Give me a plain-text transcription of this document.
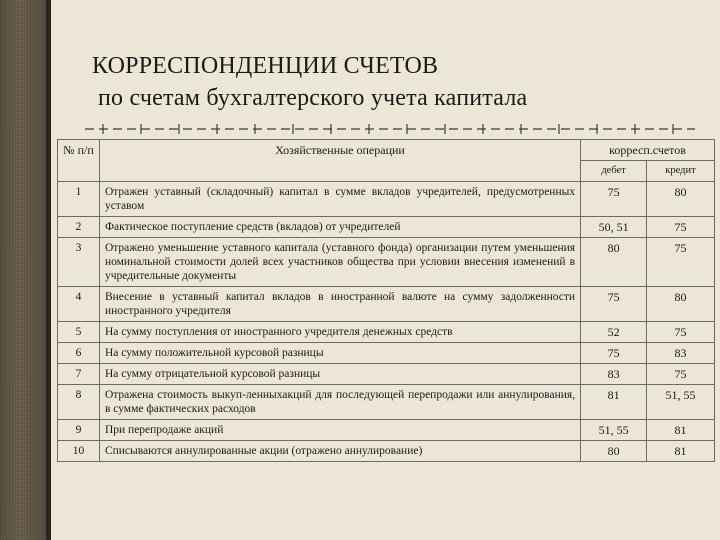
КОРРЕСПОНДЕНЦИИ СЧЕТОВ
по счетам бухгалтерского учета капитала
№ п/п	Хозяйственные операции	корресп.счетов	
		дебет	кредит
1	Отражен уставный (складочный) капитал в сумме вкладов учредителей, предусмотренных уставом	75	80
2	Фактическое поступление средств (вкладов) от учредителей	50, 51	75
3	Отражено уменьшение уставного капитала (уставного фонда) организации путем уменьшения номинальной стоимости долей всех участников общества при условии внесения изменений в учредительные документы	80	75
4	Внесение в уставный капитал вкладов в иностранной валюте на сумму задолженности иностранного учредителя	75	80
5	На сумму поступления от иностранного учредителя денежных средств	52	75
6	На сумму положительной курсовой разницы	75	83
7	На сумму отрицательной курсовой разницы	83	75
8	Отражена стоимость выкуп-ленныхакций для последующей перепродажи или аннулирования, в сумме фактических расходов	81	51, 55
9	При перепродаже акций	51, 55	81
10	Списываются аннулированные акции (отражено аннулирование)	80	81
